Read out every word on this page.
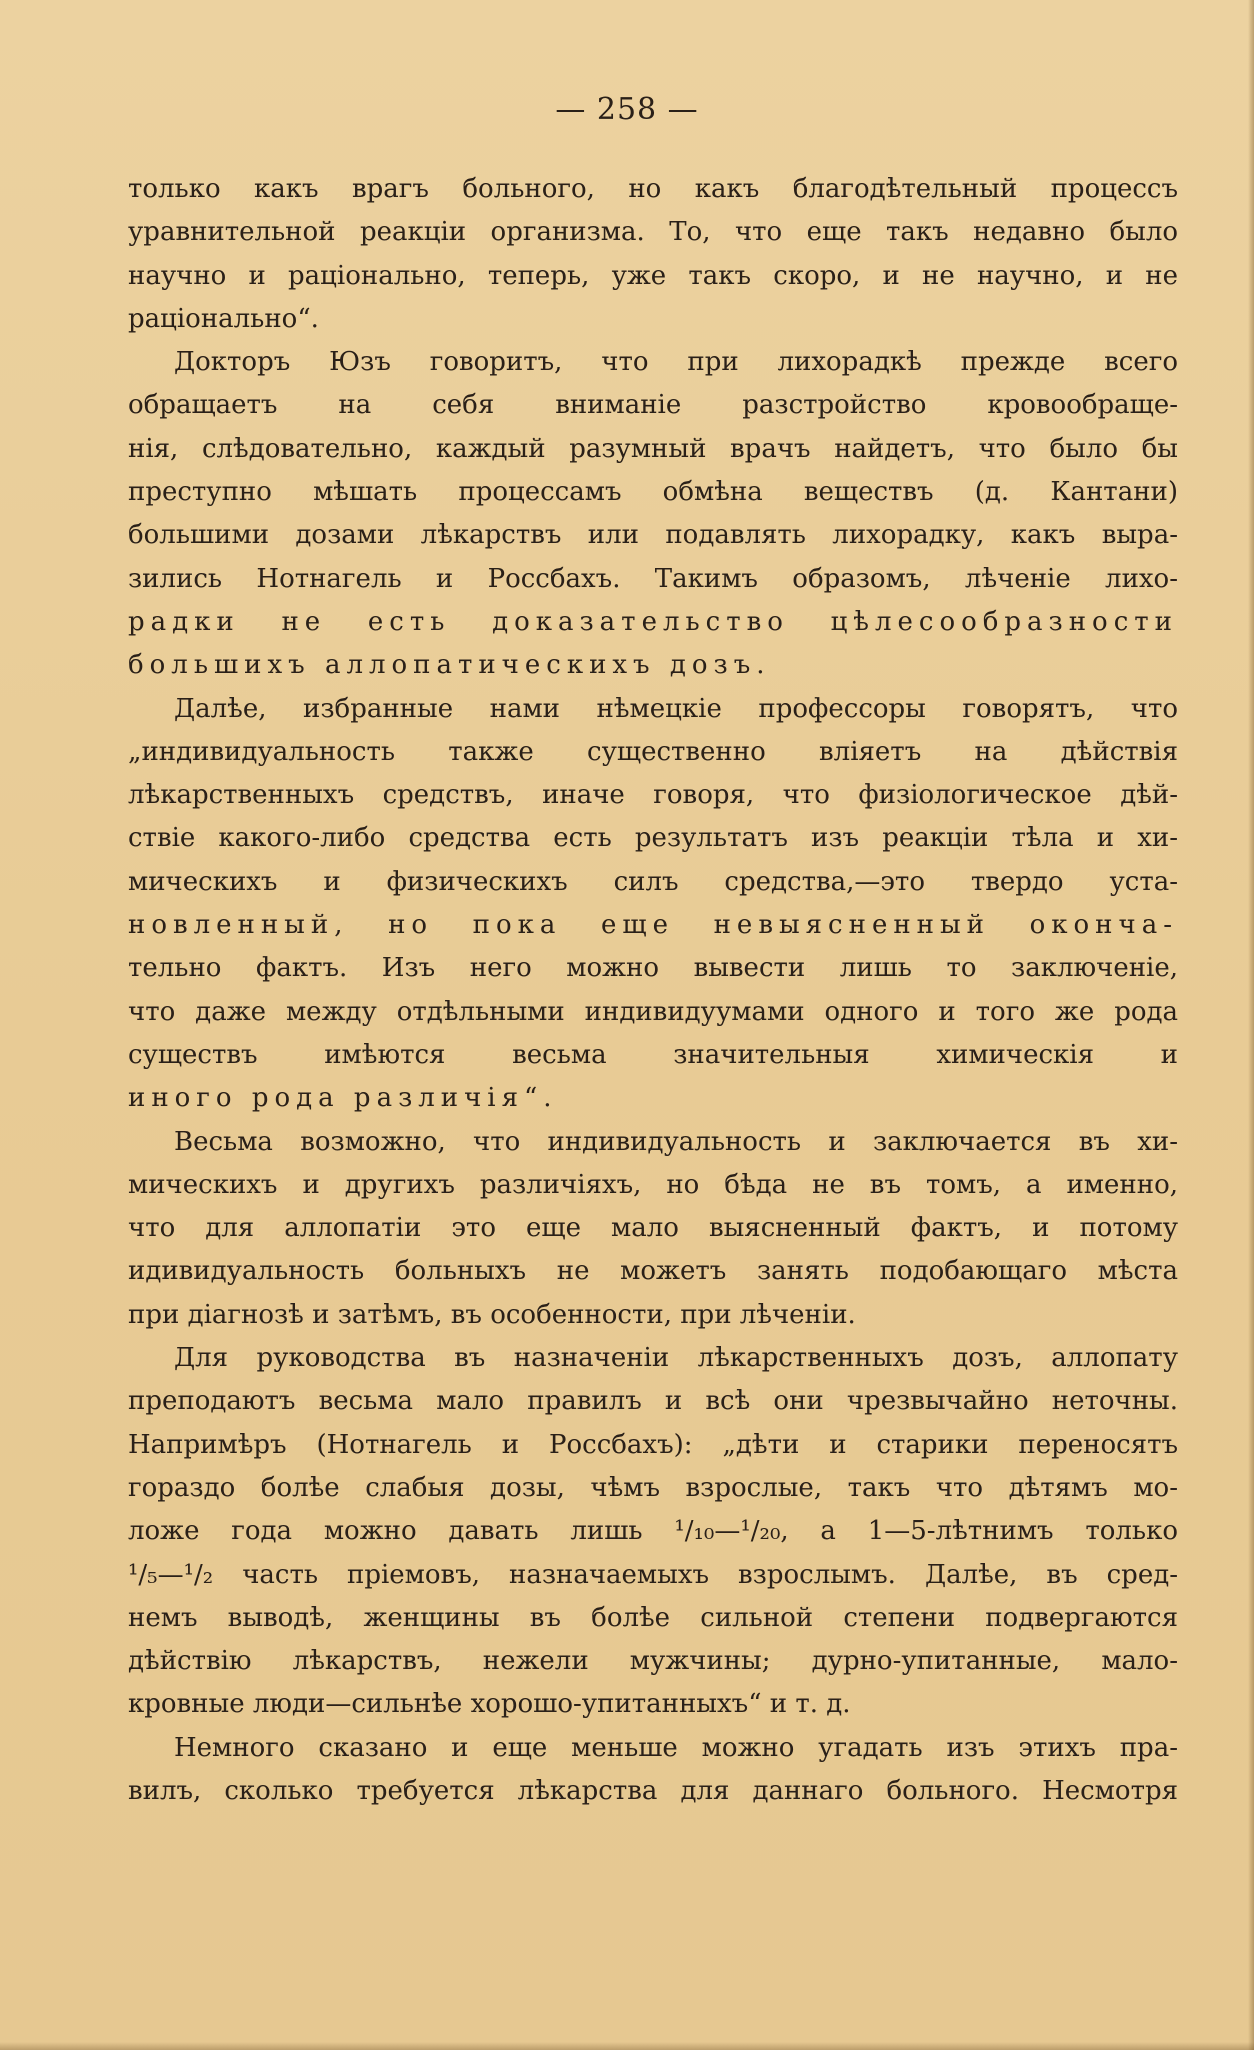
— 258 —
только какъ врагъ больного, но какъ благодѣтельный процессъ
уравнительной реакціи организма. То, что еще такъ недавно было
научно и раціонально, теперь, уже такъ скоро, и не научно, и не
раціонально“.
Докторъ Юзъ говоритъ, что при лихорадкѣ прежде всего
обращаетъ на себя вниманіе разстройство кровообраще-
нія, слѣдовательно, каждый разумный врачъ найдетъ, что было бы
преступно мѣшать процессамъ обмѣна веществъ (д. Кантани)
большими дозами лѣкарствъ или подавлять лихорадку, какъ выра-
зились Нотнагель и Россбахъ. Такимъ образомъ, лѣченіе лихо-
радки не есть доказательство цѣлесообразности
большихъ аллопатическихъ дозъ.
Далѣе, избранные нами нѣмецкіе профессоры говорятъ, что
„индивидуальность также существенно вліяетъ на дѣйствія
лѣкарственныхъ средствъ, иначе говоря, что физіологическое дѣй-
ствіе какого-либо средства есть результатъ изъ реакціи тѣла и хи-
мическихъ и физическихъ силъ средства,—это твердо уста-
новленный, но пока еще невыясненный оконча-
тельно фактъ. Изъ него можно вывести лишь то заключеніе,
что даже между отдѣльными индивидуумами одного и того же рода
существъ имѣются весьма значительныя химическія и
иного рода различія“.
Весьма возможно, что индивидуальность и заключается въ хи-
мическихъ и другихъ различіяхъ, но бѣда не въ томъ, а именно,
что для аллопатіи это еще мало выясненный фактъ, и потому
идивидуальность больныхъ не можетъ занять подобающаго мѣста
при діагнозѣ и затѣмъ, въ особенности, при лѣченіи.
Для руководства въ назначеніи лѣкарственныхъ дозъ, аллопату
преподаютъ весьма мало правилъ и всѣ они чрезвычайно неточны.
Напримѣръ (Нотнагель и Россбахъ): „дѣти и старики переносятъ
гораздо болѣе слабыя дозы, чѣмъ взрослые, такъ что дѣтямъ мо-
ложе года можно давать лишь ¹/₁₀—¹/₂₀, а 1—5-лѣтнимъ только
¹/₅—¹/₂ часть пріемовъ, назначаемыхъ взрослымъ. Далѣе, въ сред-
немъ выводѣ, женщины въ болѣе сильной степени подвергаются
дѣйствію лѣкарствъ, нежели мужчины; дурно-упитанные, мало-
кровные люди—сильнѣе хорошо-упитанныхъ“ и т. д.
Немного сказано и еще меньше можно угадать изъ этихъ пра-
вилъ, сколько требуется лѣкарства для даннаго больного. Несмотря
